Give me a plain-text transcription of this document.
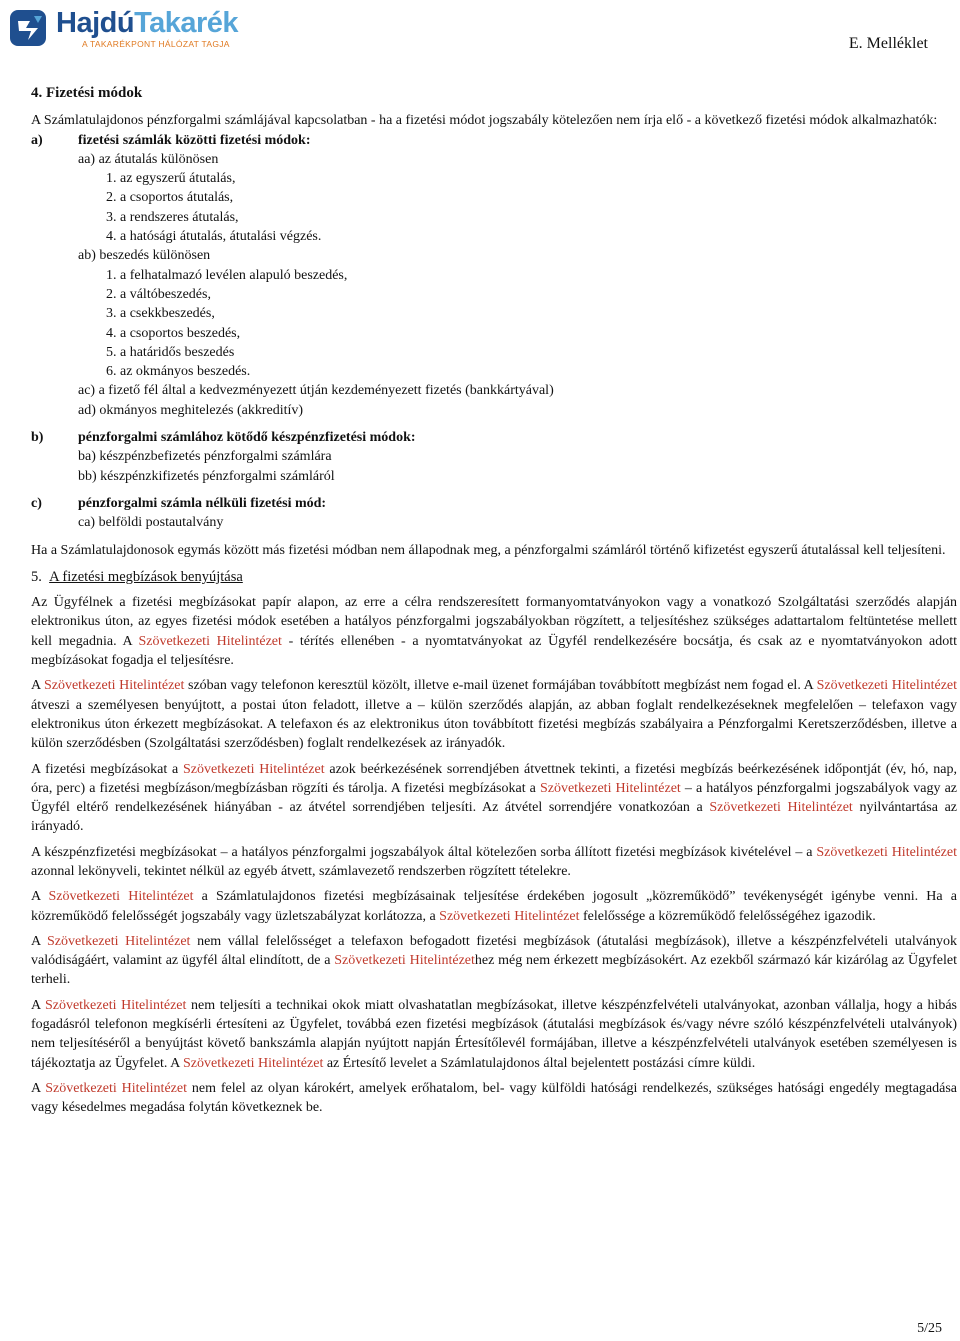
HajdúTakarék
A TAKARÉKPONT HÁLÓZAT TAGJA	E. Melléklet

4. Fizetési módok

A Számlatulajdonos pénzforgalmi számlájával kapcsolatban - ha a fizetési módot jogszabály kötelezően nem írja elő - a következő fizetési módok alkalmazhatók:

a)	fizetési számlák közötti fizetési módok:
aa) az átutalás különösen
1. az egyszerű átutalás,
2. a csoportos átutalás,
3. a rendszeres átutalás,
4. a hatósági átutalás, átutalási végzés.
ab) beszedés különösen
1. a felhatalmazó levélen alapuló beszedés,
2. a váltóbeszedés,
3. a csekkbeszedés,
4. a csoportos beszedés,
5. a határidős beszedés
6. az okmányos beszedés.
ac) a fizető fél által a kedvezményezett útján kezdeményezett fizetés (bankkártyával)
ad) okmányos meghitelezés (akkreditív)
b)	pénzforgalmi számlához kötődő készpénzfizetési módok:
ba) készpénzbefizetés pénzforgalmi számlára
bb) készpénzkifizetés pénzforgalmi számláról
c)	pénzforgalmi számla nélküli fizetési mód:
ca) belföldi postautalvány

Ha a Számlatulajdonosok egymás között más fizetési módban nem állapodnak meg, a pénzforgalmi számláról történő kifizetést egyszerű átutalással kell teljesíteni.

5. A fizetési megbízások benyújtása

Az Ügyfélnek a fizetési megbízásokat papír alapon, az erre a célra rendszeresített formanyomtatványokon vagy a vonatkozó Szolgáltatási szerződés alapján elektronikus úton, az egyes fizetési módok esetében a hatályos pénzforgalmi jogszabályokban rögzített, a teljesítéshez szükséges adattartalom feltüntetése mellett kell megadnia. A Szövetkezeti Hitelintézet - térítés ellenében - a nyomtatványokat az Ügyfél rendelkezésére bocsátja, és csak az e nyomtatványokon adott megbízásokat fogadja el teljesítésre.

A Szövetkezeti Hitelintézet szóban vagy telefonon keresztül közölt, illetve e-mail üzenet formájában továbbított megbízást nem fogad el. A Szövetkezeti Hitelintézet átveszi a személyesen benyújtott, a postai úton feladott, illetve a – külön szerződés alapján, az abban foglalt rendelkezéseknek megfelelően – telefaxon vagy elektronikus úton érkezett megbízásokat. A telefaxon és az elektronikus úton továbbított fizetési megbízás szabályaira a Pénzforgalmi Keretszerződésben, illetve a külön szerződésben (Szolgáltatási szerződésben) foglalt rendelkezések az irányadók.

A fizetési megbízásokat a Szövetkezeti Hitelintézet azok beérkezésének sorrendjében átvettnek tekinti, a fizetési megbízás beérkezésének időpontját (év, hó, nap, óra, perc) a fizetési megbízáson/megbízásban rögzíti és tárolja. A fizetési megbízásokat a Szövetkezeti Hitelintézet – a hatályos pénzforgalmi jogszabályok vagy az Ügyfél eltérő rendelkezésének hiányában - az átvétel sorrendjében teljesíti. Az átvétel sorrendjére vonatkozóan a Szövetkezeti Hitelintézet nyilvántartása az irányadó.

A készpénzfizetési megbízásokat – a hatályos pénzforgalmi jogszabályok által kötelezően sorba állított fizetési megbízások kivételével – a Szövetkezeti Hitelintézet azonnal lekönyveli, tekintet nélkül az egyéb átvett, számlavezető rendszerben rögzített tételekre.

A Szövetkezeti Hitelintézet a Számlatulajdonos fizetési megbízásainak teljesítése érdekében jogosult „közreműködő” tevékenységét igénybe venni. Ha a közreműködő felelősségét jogszabály vagy üzletszabályzat korlátozza, a Szövetkezeti Hitelintézet felelőssége a közreműködő felelősségéhez igazodik.

A Szövetkezeti Hitelintézet nem vállal felelősséget a telefaxon befogadott fizetési megbízások (átutalási megbízások), illetve a készpénzfelvételi utalványok valódiságáért, valamint az ügyfél által elindított, de a Szövetkezeti Hitelintézethez még nem érkezett megbízásokért. Az ezekből származó kár kizárólag az Ügyfelet terheli.

A Szövetkezeti Hitelintézet nem teljesíti a technikai okok miatt olvashatatlan megbízásokat, illetve készpénzfelvételi utalványokat, azonban vállalja, hogy a hibás fogadásról telefonon megkísérli értesíteni az Ügyfelet, továbbá ezen fizetési megbízások (átutalási megbízások és/vagy névre szóló készpénzfelvételi utalványok) nem teljesítéséről a benyújtást követő bankszámla alapján nyújtott napján Értesítőlevél formájában, illetve a készpénzfelvételi utalványok esetében személyesen is tájékoztatja az Ügyfelet. A Szövetkezeti Hitelintézet az Értesítő levelet a Számlatulajdonos által bejelentett postázási címre küldi.

A Szövetkezeti Hitelintézet nem felel az olyan károkért, amelyek erőhatalom, bel- vagy külföldi hatósági rendelkezés, szükséges hatósági engedély megtagadása vagy késedelmes megadása folytán következnek be.

5/25
